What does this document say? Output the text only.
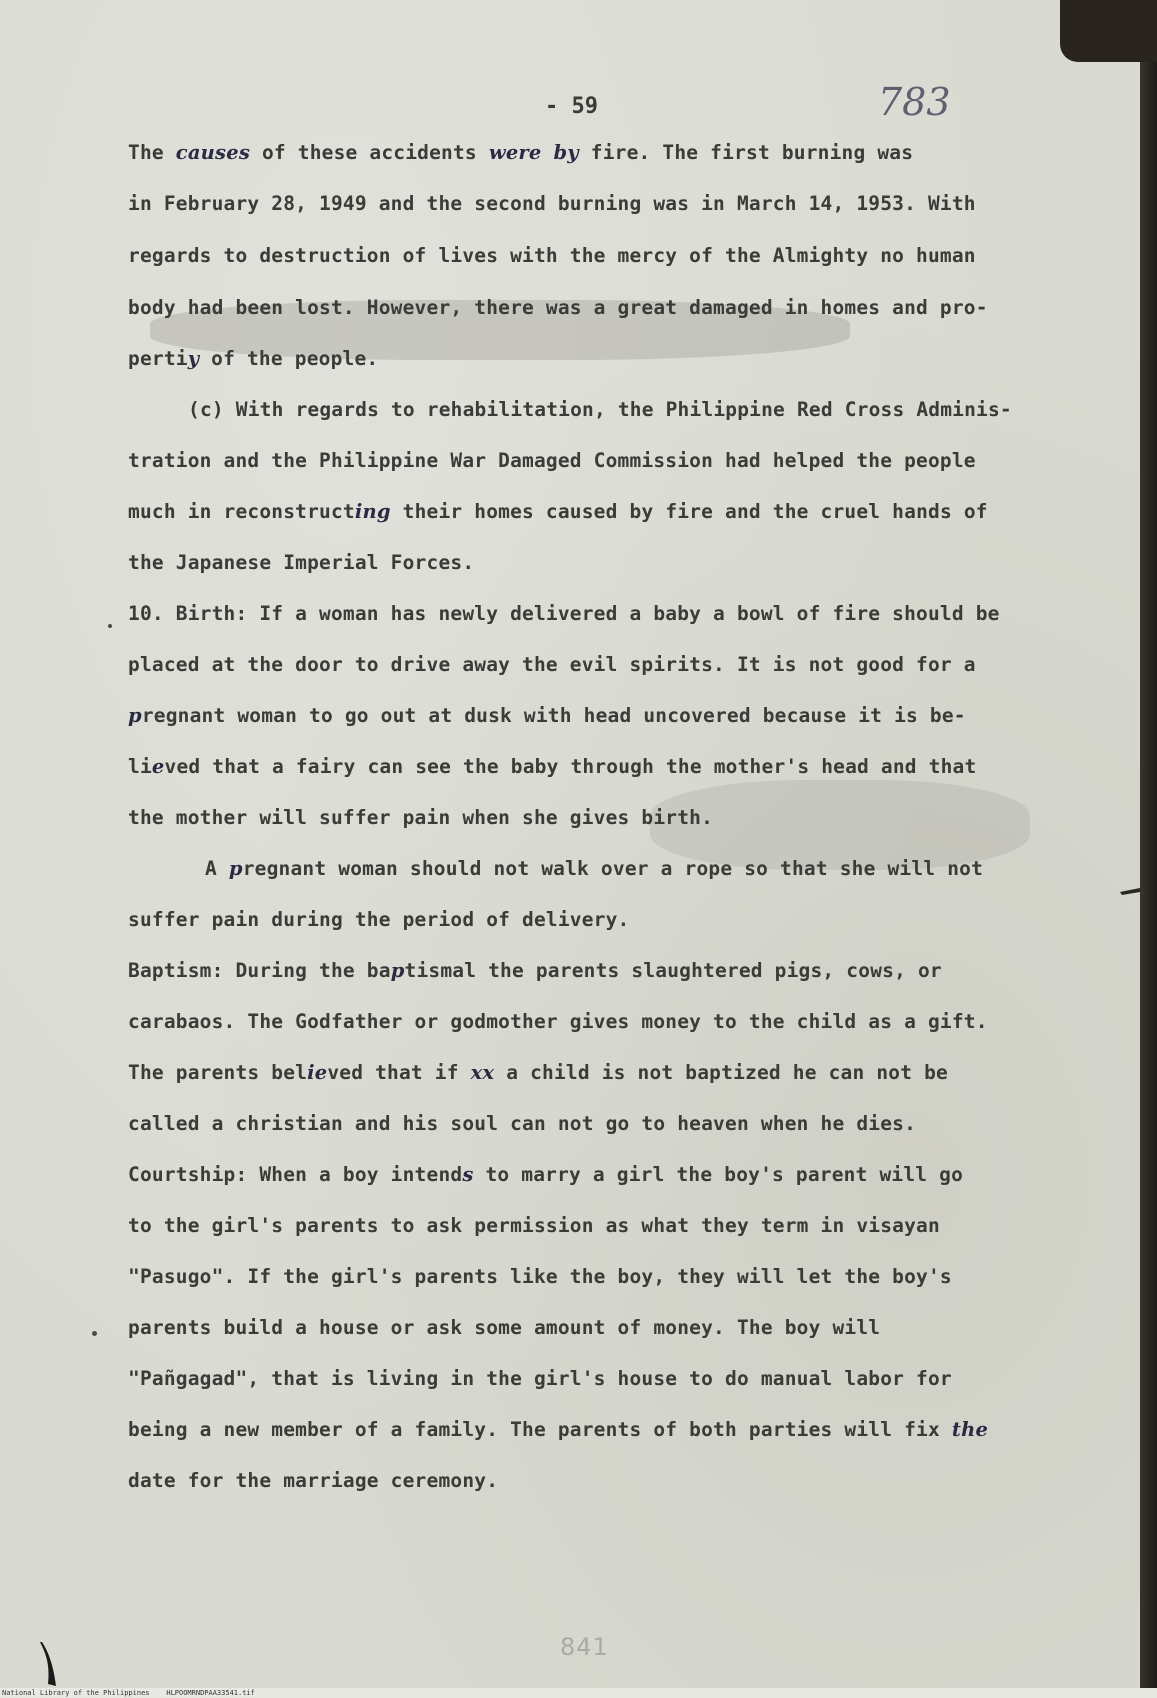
- 59	783
The causes of these accidents were by fire. The first burning was
in February 28, 1949 and the second burning was in March 14, 1953. With
regards to destruction of lives with the mercy of the Almighty no human
body had been lost. However, there was a great damaged in homes and pro-
pertiy of the people.
(c) With regards to rehabilitation, the Philippine Red Cross Adminis-
tration and the Philippine War Damaged Commission had helped the people
much in reconstructing their homes caused by fire and the cruel hands of
the Japanese Imperial Forces.
10. Birth: If a woman has newly delivered a baby a bowl of fire should be
placed at the door to drive away the evil spirits. It is not good for a
pregnant woman to go out at dusk with head uncovered because it is be-
lieved that a fairy can see the baby through the mother's head and that
the mother will suffer pain when she gives birth.
A pregnant woman should not walk over a rope so that she will not
suffer pain during the period of delivery.
Baptism: During the baptismal the parents slaughtered pigs, cows, or
carabaos. The Godfather or godmother gives money to the child as a gift.
The parents believed that if xx a child is not baptized he can not be
called a christian and his soul can not go to heaven when he dies.
Courtship: When a boy intends to marry a girl the boy's parent will go
to the girl's parents to ask permission as what they term in visayan
"Pasugo". If the girl's parents like the boy, they will let the boy's
parents build a house or ask some amount of money. The boy will
"Pañgagad", that is living in the girl's house to do manual labor for
being a new member of a family. The parents of both parties will fix the
date for the marriage ceremony.
841
National Library of the Philippines    HLPOOMRNDPAA33541.tif
